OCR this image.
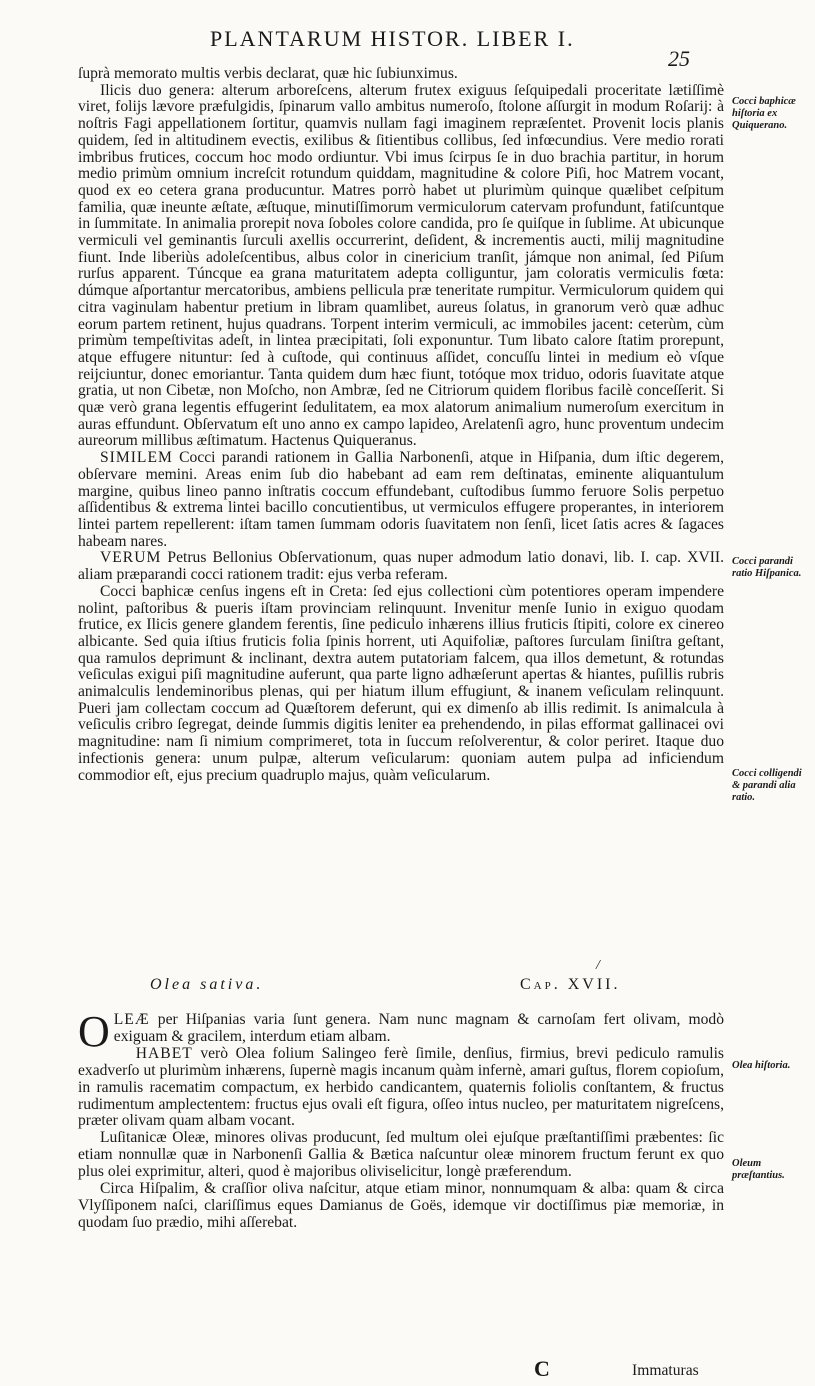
PLANTARUM HISTOR. LIBER I.
25

ſuprà memorato multis verbis declarat, quæ hic ſubiunximus.

Ilicis duo genera: alterum arboreſcens, alterum frutex exiguus ſeſquipedali proceritate lætiſſimè viret, folijs lævore præfulgidis, ſpinarum vallo ambitus numeroſo, ſtolone aſſurgit in modum Roſarij: à noſtris Fagi appellationem ſortitur, quamvis nullam fagi imaginem repræſentet. Provenit locis planis quidem, ſed in altitudinem evectis, exilibus & ſitientibus collibus, ſed infœcundius. Vere medio rorati imbribus frutices, coccum hoc modo ordiuntur. Vbi imus ſcirpus ſe in duo brachia partitur, in horum medio primùm omnium increſcit rotundum quiddam, magnitudine & colore Piſi, hoc Matrem vocant, quod ex eo cetera grana producuntur. Matres porrò habet ut plurimùm quinque quælibet ceſpitum familia, quæ ineunte æſtate, æſtuque, minutiſſimorum vermiculorum catervam profundunt, fatiſcuntque in ſummitate. In animalia prorepit nova ſoboles colore candida, pro ſe quiſque in ſublime. At ubicunque vermiculi vel geminantis ſurculi axellis occurrerint, deſident, & incrementis aucti, milij magnitudine fiunt. Inde liberiùs adoleſcentibus, albus color in cinericium tranſit, jámque non animal, ſed Piſum rurſus apparent. Túncque ea grana maturitatem adepta colliguntur, jam coloratis vermiculis fœta: dúmque aſportantur mercatoribus, ambiens pellicula præ teneritate rumpitur. Vermiculorum quidem qui citra vaginulam habentur pretium in libram quamlibet, aureus ſolatus, in granorum verò quæ adhuc eorum partem retinent, hujus quadrans. Torpent interim vermiculi, ac immobiles jacent: ceterùm, cùm primùm tempeſtivitas adeſt, in lintea præcipitati, ſoli exponuntur. Tum libato calore ſtatim prorepunt, atque effugere nituntur: ſed à cuſtode, qui continuus aſſidet, concuſſu lintei in medium eò vſque reijciuntur, donec emoriantur. Tanta quidem dum hæc fiunt, totóque mox triduo, odoris ſuavitate atque gratia, ut non Cibetæ, non Moſcho, non Ambræ, ſed ne Citriorum quidem floribus facilè conceſſerit. Si quæ verò grana legentis effugerint ſedulitatem, ea mox alatorum animalium numeroſum exercitum in auras effundunt. Obſervatum eſt uno anno ex campo lapideo, Arelatenſi agro, hunc proventum undecim aureorum millibus æſtimatum. Hactenus Quiqueranus.

SIMILEM Cocci parandi rationem in Gallia Narbonenſi, atque in Hiſpania, dum iſtic degerem, obſervare memini. Areas enim ſub dio habebant ad eam rem deſtinatas, eminente aliquantulum margine, quibus lineo panno inſtratis coccum effundebant, cuſtodibus ſummo feruore Solis perpetuo aſſidentibus & extrema lintei bacillo concutientibus, ut vermiculos effugere properantes, in interiorem lintei partem repellerent: iſtam tamen ſummam odoris ſuavitatem non ſenſi, licet ſatis acres & ſagaces habeam nares.

VERUM Petrus Bellonius Obſervationum, quas nuper admodum latio donavi, lib. I. cap. XVII. aliam præparandi cocci rationem tradit: ejus verba referam.

Cocci baphicæ cenſus ingens eſt in Creta: ſed ejus collectioni cùm potentiores operam impendere nolint, paſtoribus & pueris iſtam provinciam relinquunt. Invenitur menſe Iunio in exiguo quodam frutice, ex Ilicis genere glandem ferentis, ſine pediculo inhærens illius fruticis ſtipiti, colore ex cinereo albicante. Sed quia iſtius fruticis folia ſpinis horrent, uti Aquifoliæ, paſtores ſurculam ſiniſtra geſtant, qua ramulos deprimunt & inclinant, dextra autem putatoriam falcem, qua illos demetunt, & rotundas veſiculas exigui piſi magnitudine auferunt, qua parte ligno adhæſerunt apertas & hiantes, puſillis rubris animalculis lendeminoribus plenas, qui per hiatum illum effugiunt, & inanem veſiculam relinquunt. Pueri jam collectam coccum ad Quæſtorem deferunt, qui ex dimenſo ab illis redimit. Is animalcula à veſiculis cribro ſegregat, deinde ſummis digitis leniter ea prehendendo, in pilas efformat gallinacei ovi magnitudine: nam ſi nimium comprimeret, tota in ſuccum reſolverentur, & color periret. Itaque duo infectionis genera: unum pulpæ, alterum veſicularum: quoniam autem pulpa ad inficiendum commodior eſt, ejus precium quadruplo majus, quàm veſicularum.

Cocci baphicæ hiſtoria ex Quiquerano.
Cocci parandi ratio Hiſpanica.
Cocci colligendi & parandi alia ratio.
/
Olea sativa.	Cap. XVII.

OLEÆ per Hiſpanias varia ſunt genera. Nam nunc magnam & carnoſam fert olivam, modò exiguam & gracilem, interdum etiam albam.

HABET verò Olea folium Salingeo ferè ſimile, denſius, firmius, brevi pediculo ramulis exadverſo ut plurimùm inhærens, ſupernè magis incanum quàm infernè, amari guſtus, florem copioſum, in ramulis racematim compactum, ex herbido candicantem, quaternis foliolis conſtantem, & fructus rudimentum amplectentem: fructus ejus ovali eſt figura, oſſeo intus nucleo, per maturitatem nigreſcens, præter olivam quam albam vocant.

Luſitanicæ Oleæ, minores olivas producunt, ſed multum olei ejuſque præſtantiſſimi præbentes: ſic etiam nonnullæ quæ in Narbonenſi Gallia & Bætica naſcuntur oleæ minorem fructum ferunt ex quo plus olei exprimitur, alteri, quod è majoribus oliviselicitur, longè præferendum.

Circa Hiſpalim, & craſſior oliva naſcitur, atque etiam minor, nonnumquam & alba: quam & circa Vlyſſiponem naſci, clariſſimus eques Damianus de Goës, idemque vir doctiſſimus piæ memoriæ, in quodam ſuo prædio, mihi aſſerebat.

Olea hiſtoria.
Oleum præſtantius.
C	Immaturas
